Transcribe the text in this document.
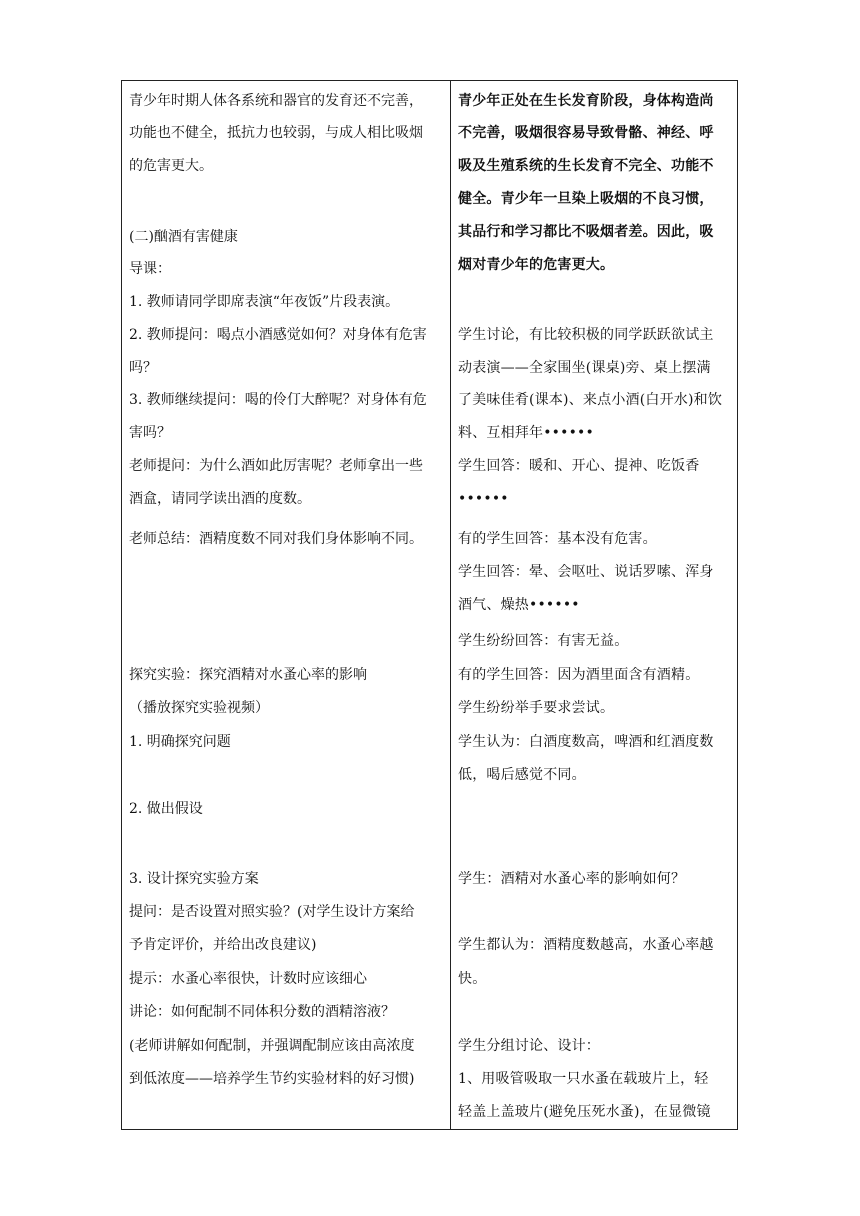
青少年时期人体各系统和器官的发育还不完善，
功能也不健全，抵抗力也较弱，与成人相比吸烟
的危害更大。
(二)酗酒有害健康
导课：
1. 教师请同学即席表演“年夜饭”片段表演。
2. 教师提问：喝点小酒感觉如何？对身体有危害
吗？
3. 教师继续提问：喝的伶仃大醉呢？对身体有危
害吗？
老师提问：为什么酒如此厉害呢？老师拿出一些
酒盒，请同学读出酒的度数。
老师总结：酒精度数不同对我们身体影响不同。
探究实验：探究酒精对水蚤心率的影响
（播放探究实验视频）
1. 明确探究问题
2. 做出假设
3. 设计探究实验方案
提问：是否设置对照实验？(对学生设计方案给
予肯定评价，并给出改良建议)
提示：水蚤心率很快，计数时应该细心
讲论：如何配制不同体积分数的酒精溶液？
(老师讲解如何配制，并强调配制应该由高浓度
到低浓度——培养学生节约实验材料的好习惯)
青少年正处在生长发育阶段，身体构造尚
不完善，吸烟很容易导致骨骼、神经、呼
吸及生殖系统的生长发育不完全、功能不
健全。青少年一旦染上吸烟的不良习惯，
其品行和学习都比不吸烟者差。因此，吸
烟对青少年的危害更大。
学生讨论，有比较积极的同学跃跃欲试主
动表演——全家围坐(课桌)旁、桌上摆满
了美味佳肴(课本)、来点小酒(白开水)和饮
料、互相拜年••••••
学生回答：暖和、开心、提神、吃饭香
••••••
有的学生回答：基本没有危害。
学生回答：晕、会呕吐、说话罗嗦、浑身
酒气、燥热••••••
学生纷纷回答：有害无益。
有的学生回答：因为酒里面含有酒精。
学生纷纷举手要求尝试。
学生认为：白酒度数高，啤酒和红酒度数
低，喝后感觉不同。
学生：酒精对水蚤心率的影响如何？
学生都认为：酒精度数越高，水蚤心率越
快。
学生分组讨论、设计：
1、用吸管吸取一只水蚤在载玻片上，轻
轻盖上盖玻片(避免压死水蚤)，在显微镜
